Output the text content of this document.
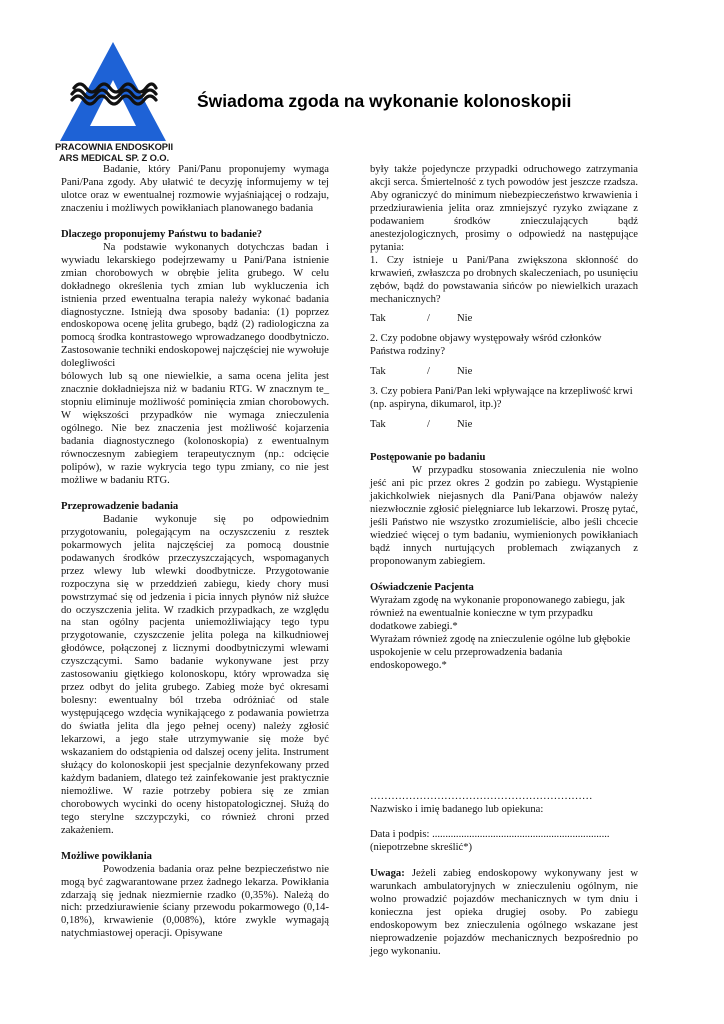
PRACOWNIA ENDOSKOPII
ARS MEDICAL SP. Z O.O.
Świadoma zgoda na wykonanie kolonoskopii

Badanie, który Pani/Panu proponujemy wymaga Pani/Pana zgody. Aby ułatwić te decyzję informujemy w tej ulotce oraz w ewentualnej rozmowie wyjaśniającej o rodzaju, znaczeniu i możliwych powikłaniach planowanego badania

Dlaczego proponujemy Państwu to badanie?

Na podstawie wykonanych dotychczas badan i wywiadu lekarskiego podejrzewamy u Pani/Pana istnienie zmian chorobowych w obrębie jelita grubego. W celu dokładnego określenia tych zmian lub wykluczenia ich istnienia przed ewentualna terapia należy wykonać badania diagnostyczne. Istnieją dwa sposoby badania: (1) poprzez endoskopowa ocenę jelita grubego, bądź (2) radiologiczna za pomocą środka kontrastowego wprowadzanego doodbytniczo. Zastosowanie techniki endoskopowej najczęściej nie wywołuje dolegliwości

bólowych lub są one niewielkie, a sama ocena jelita jest znacznie dokładniejsza niż w badaniu RTG. W znacznym te_ stopniu eliminuje możliwość pominięcia zmian chorobowych. W większości przypadków nie wymaga znieczulenia ogólnego. Nie bez znaczenia jest możliwość kojarzenia badania diagnostycznego (kolonoskopia) z ewentualnym równoczesnym zabiegiem terapeutycznym (np.: odcięcie polipów), w razie wykrycia tego typu zmiany, co nie jest możliwe w badaniu RTG.

Przeprowadzenie badania

Badanie wykonuje się po odpowiednim przygotowaniu, polegającym na oczyszczeniu z resztek pokarmowych jelita najczęściej za pomocą doustnie podawanych środków przeczyszczających, wspomaganych przez wlewy lub wlewki doodbytnicze. Przygotowanie rozpoczyna się w przeddzień zabiegu, kiedy chory musi powstrzymać się od jedzenia i picia innych płynów niż służce do oczyszczenia jelita. W rzadkich przypadkach, ze względu na stan ogólny pacjenta uniemożliwiający tego typu przygotowanie, czyszczenie jelita polega na kilkudniowej głodówce, połączonej z licznymi doodbytniczymi wlewami czyszczącymi. Samo badanie wykonywane jest przy zastosowaniu giętkiego kolonoskopu, który wprowadza się przez odbyt do jelita grubego. Zabieg może być okresami bolesny: ewentualny ból trzeba odróżniać od stale występującego wzdęcia wynikającego z podawania powietrza do światła jelita dla jego pełnej oceny) należy zgłosić lekarzowi, a jego stałe utrzymywanie się może być wskazaniem do odstąpienia od dalszej oceny jelita. Instrument służący do kolonoskopii jest specjalnie dezynfekowany przed każdym badaniem, dlatego też zainfekowanie jest praktycznie niemożliwe. W razie potrzeby pobiera się ze zmian chorobowych wycinki do oceny histopatologicznej. Służą do tego sterylne szczypczyki, co również chroni przed zakażeniem.

Możliwe powikłania

Powodzenia badania oraz pełne bezpieczeństwo nie mogą być zagwarantowane przez żadnego lekarza. Powikłania zdarzają się jednak niezmiernie rzadko (0,35%). Należą do nich: przedziurawienie ściany przewodu pokarmowego (0,14-0,18%), krwawienie (0,008%), które zwykle wymagają natychmiastowej operacji. Opisywane

były także pojedyncze przypadki odruchowego zatrzymania akcji serca. Śmiertelność z tych powodów jest jeszcze rzadsza. Aby ograniczyć do minimum niebezpieczeństwo krwawienia i przedziurawienia jelita oraz zmniejszyć ryzyko związane z podawaniem środków znieczulających bądź anestezjologicznych, prosimy o odpowiedź na następujące pytania:

1. Czy istnieje u Pani/Pana zwiększona skłonność do krwawień, zwłaszcza po drobnych skaleczeniach, po usunięciu zębów, bądź do powstawania sińców po niewielkich urazach mechanicznych?

Tak	/	Nie

2. Czy podobne objawy występowały wśród członków Państwa rodziny?

Tak	/	Nie

3. Czy pobiera Pani/Pan leki wpływające na krzepliwość krwi (np. aspiryna, dikumarol, itp.)?

Tak	/	Nie
Postępowanie po badaniu

W przypadku stosowania znieczulenia nie wolno jeść ani pic przez okres 2 godzin po zabiegu. Wystąpienie jakichkolwiek niejasnych dla Pani/Pana objawów należy niezwłocznie zgłosić pielęgniarce lub lekarzowi. Proszę pytać, jeśli Państwo nie wszystko zrozumieliście, albo jeśli chcecie wiedzieć więcej o tym badaniu, wymienionych powikłaniach bądź innych nurtujących problemach związanych z proponowanym zabiegiem.

Oświadczenie Pacjenta

Wyrażam zgodę na wykonanie proponowanego zabiegu, jak również na ewentualnie konieczne w tym przypadku dodatkowe zabiegi.*

Wyrażam również zgodę na znieczulenie ogólne lub głębokie uspokojenie w celu przeprowadzenia badania endoskopowego.*

………………………………………………………

Nazwisko i imię badanego lub opiekuna:

Data i podpis: ...................................................................

(niepotrzebne skreślić*)

Uwaga: Jeżeli zabieg endoskopowy wykonywany jest w warunkach ambulatoryjnych w znieczuleniu ogólnym, nie wolno prowadzić pojazdów mechanicznych w tym dniu i koniecznа jest opieka drugiej osoby. Po zabiegu endoskopowym bez znieczulenia ogólnego wskazane jest nieprowadzenie pojazdów mechanicznych bezpośrednio po jego wykonaniu.
